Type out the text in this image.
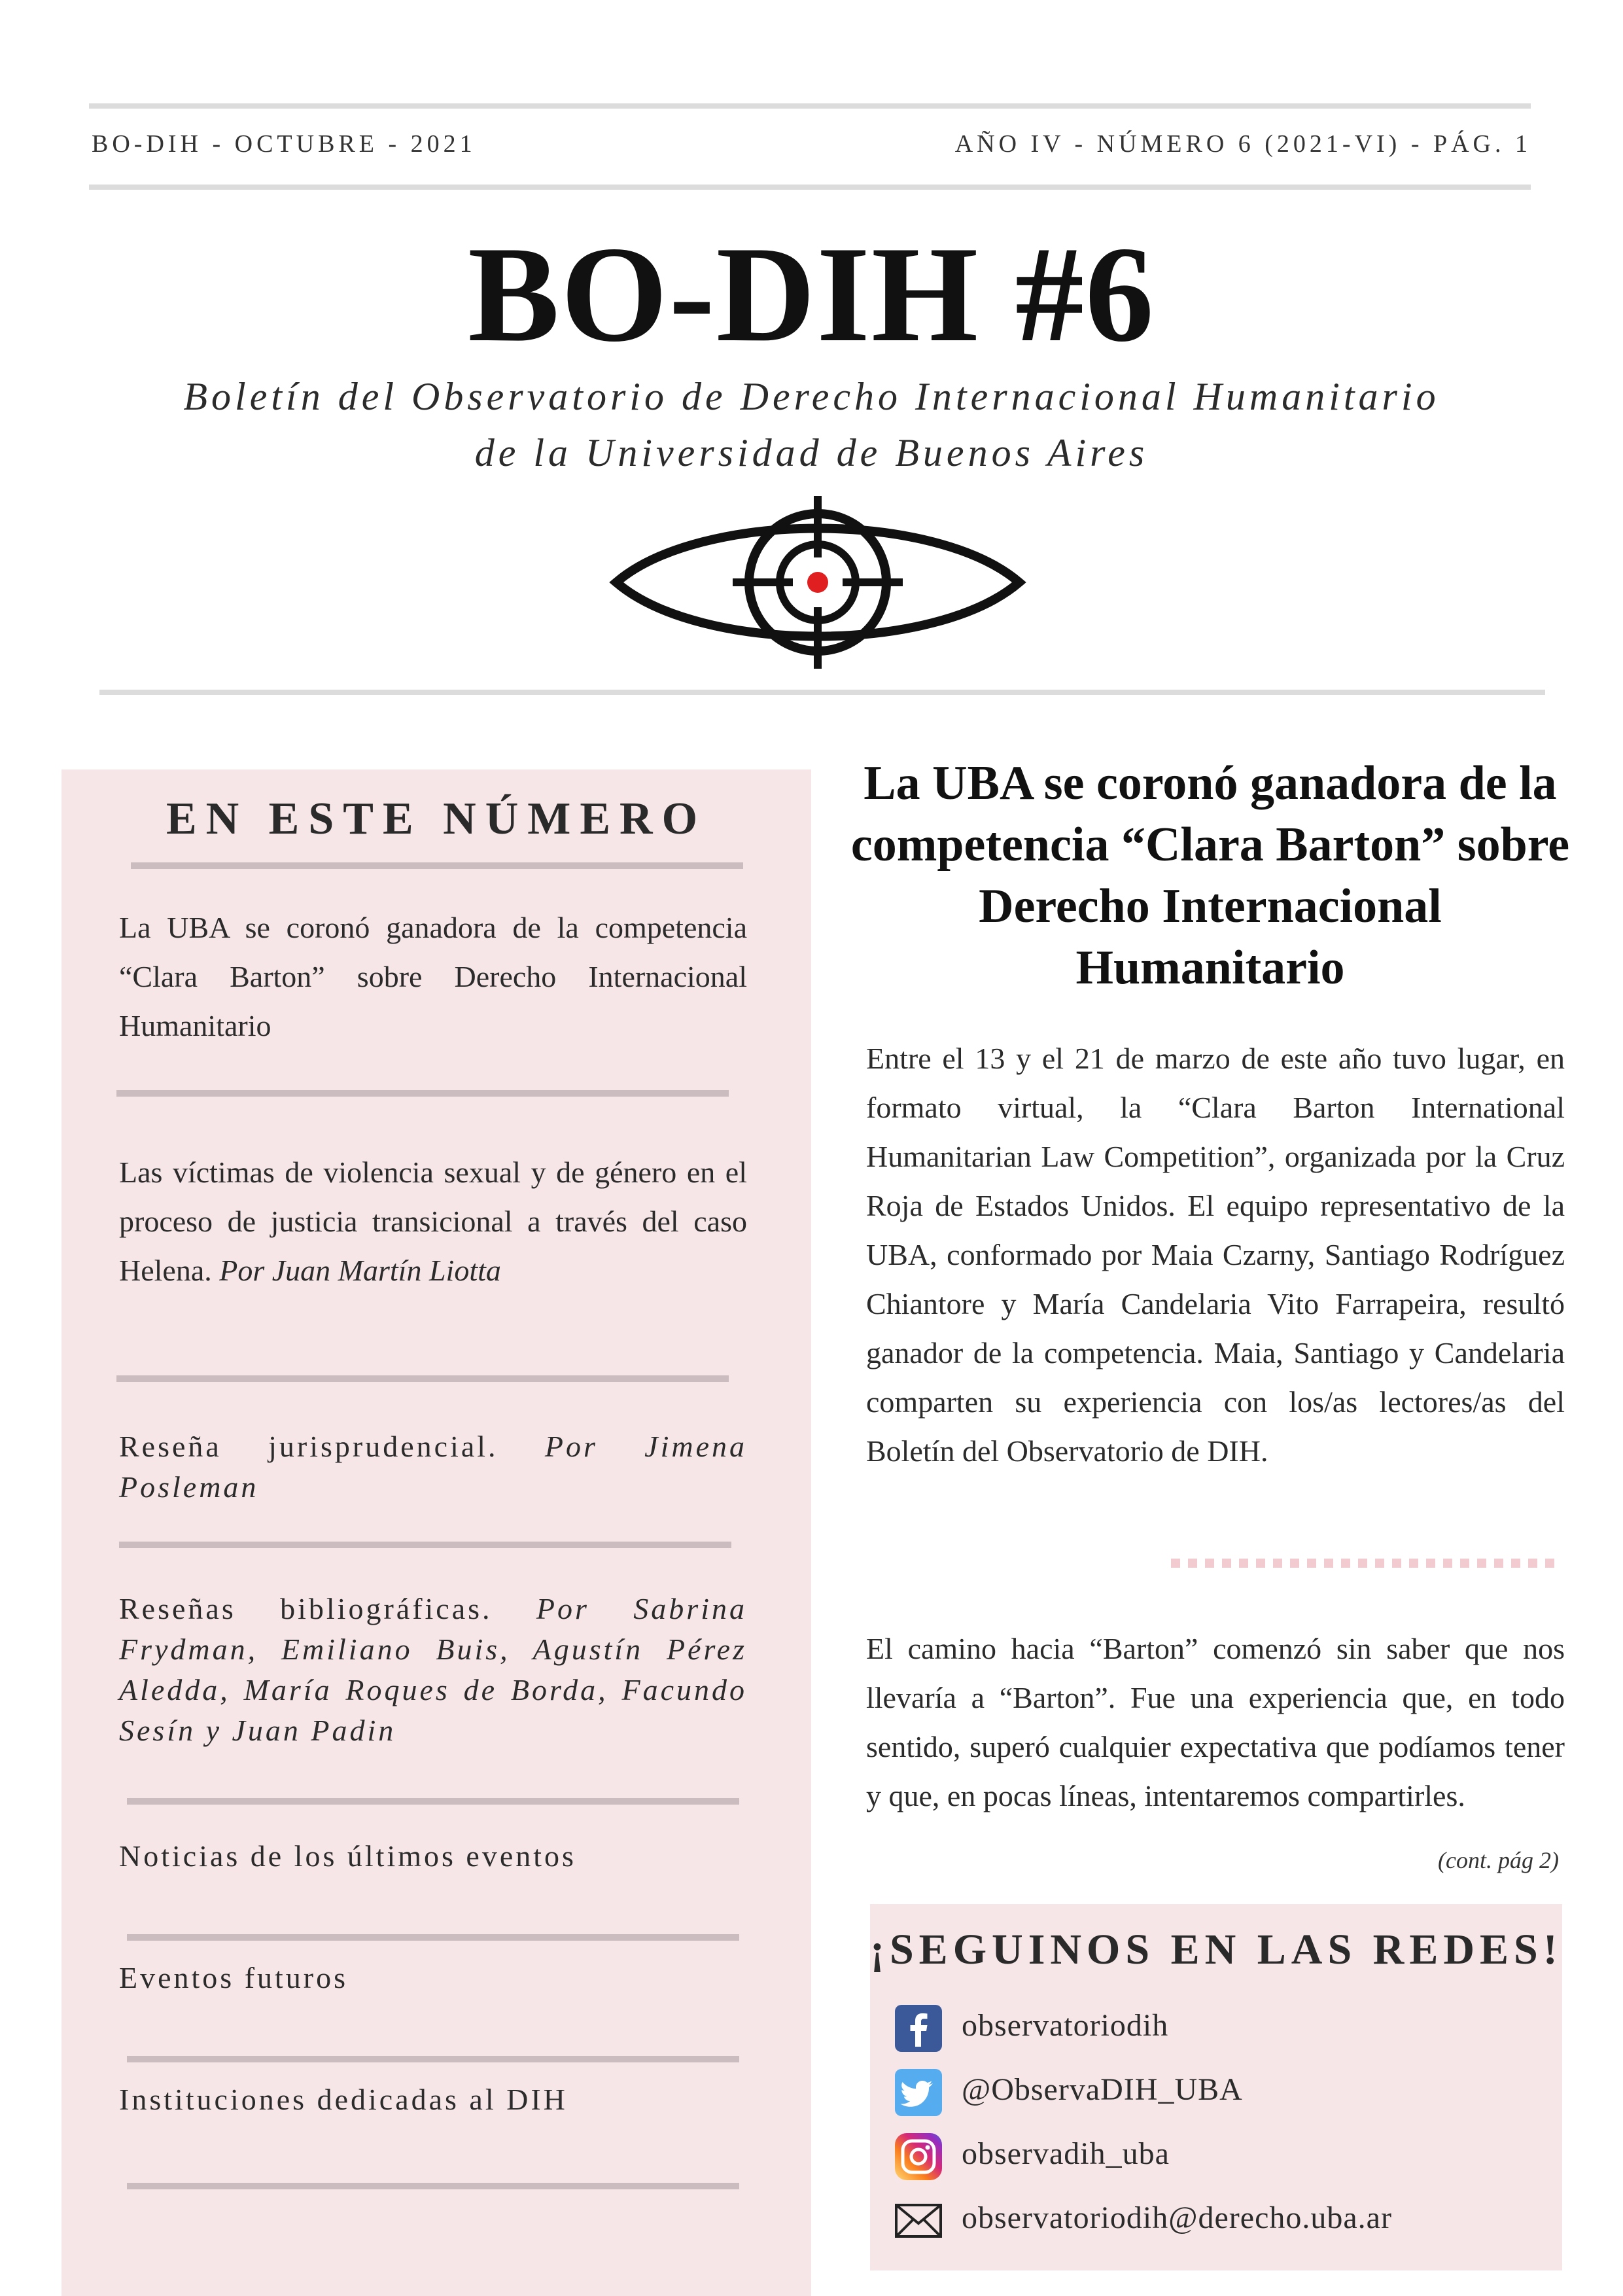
BO-DIH - OCTUBRE - 2021	AÑO IV - NÚMERO 6 (2021-VI) - PÁG. 1
BO-DIH #6
Boletín del Observatorio de Derecho Internacional Humanitario
de la Universidad de Buenos Aires
EN ESTE NÚMERO
La UBA se coronó ganadora de la competencia “Clara Barton” sobre Derecho Internacional Humanitario
Las víctimas de violencia sexual y de género en el proceso de justicia transicional a través del caso Helena. Por Juan Martín Liotta
Reseña jurisprudencial. Por Jimena Posleman
Reseñas bibliográficas. Por Sabrina Frydman, Emiliano Buis, Agustín Pérez Aledda, María Roques de Borda, Facundo Sesín y Juan Padin
Noticias de los últimos eventos
Eventos futuros
Instituciones dedicadas al DIH
La UBA se coronó ganadora de la competencia “Clara Barton” sobre Derecho Internacional Humanitario
Entre el 13 y el 21 de marzo de este año tuvo lugar, en formato virtual, la “Clara Barton International Humanitarian Law Competition”, organizada por la Cruz Roja de Estados Unidos. El equipo representativo de la UBA, conformado por Maia Czarny, Santiago Rodríguez Chiantore y María Candelaria Vito Farrapeira, resultó ganador de la competencia. Maia, Santiago y Candelaria comparten su experiencia con los/as lectores/as del Boletín del Observatorio de DIH.
El camino hacia “Barton” comenzó sin saber que nos llevaría a “Barton”. Fue una experiencia que, en todo sentido, superó cualquier expectativa que podíamos tener y que, en pocas líneas, intentaremos compartirles.
(cont. pág 2)
¡SEGUINOS EN LAS REDES!
observatoriodih
@ObservaDIH_UBA
observadih_uba
observatoriodih@derecho.uba.ar
